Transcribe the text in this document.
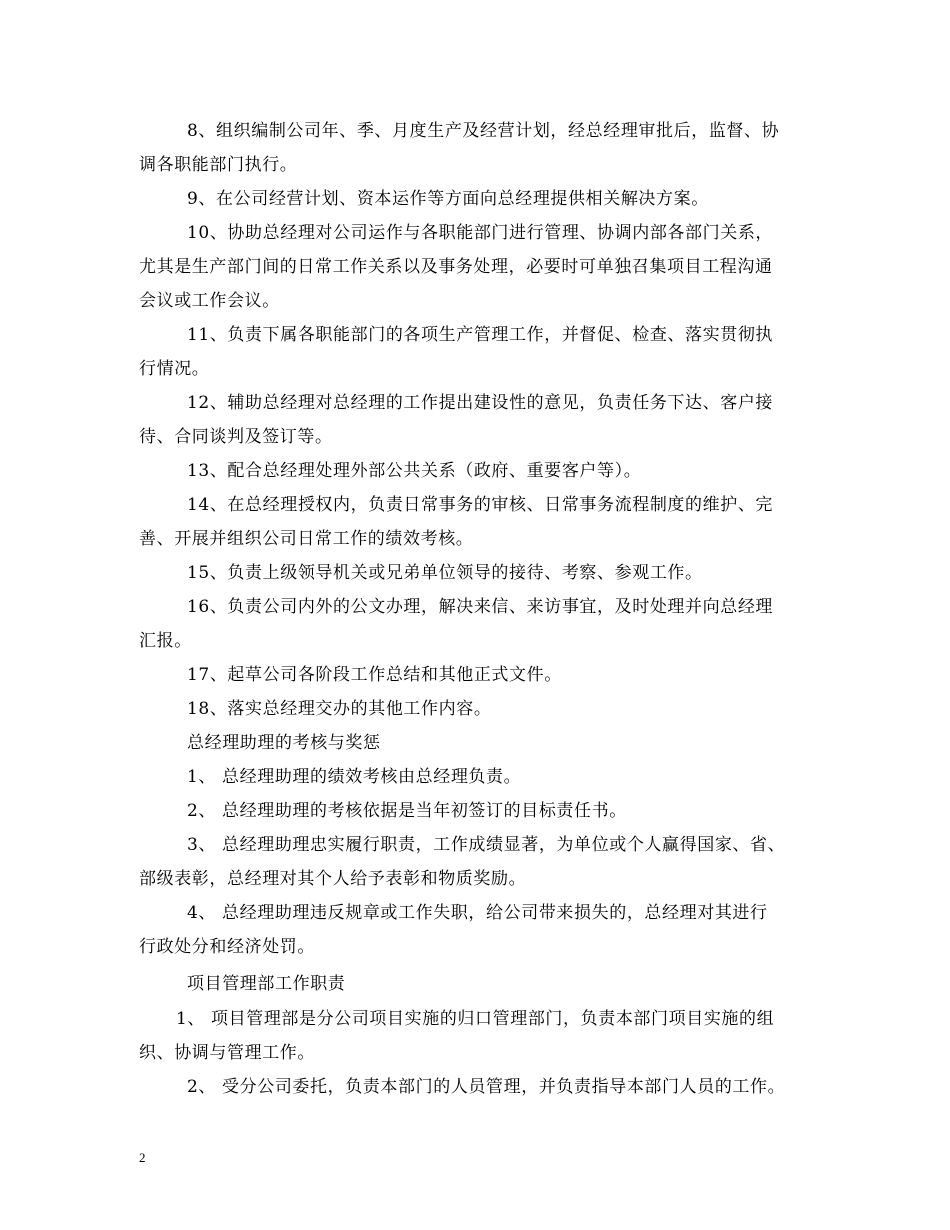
8、组织编制公司年、季、月度生产及经营计划，经总经理审批后，监督、协
调各职能部门执行。
9、在公司经营计划、资本运作等方面向总经理提供相关解决方案。
10、协助总经理对公司运作与各职能部门进行管理、协调内部各部门关系，
尤其是生产部门间的日常工作关系以及事务处理，必要时可单独召集项目工程沟通
会议或工作会议。
11、负责下属各职能部门的各项生产管理工作，并督促、检查、落实贯彻执
行情况。
12、辅助总经理对总经理的工作提出建设性的意见，负责任务下达、客户接
待、合同谈判及签订等。
13、配合总经理处理外部公共关系（政府、重要客户等）。
14、在总经理授权内，负责日常事务的审核、日常事务流程制度的维护、完
善、开展并组织公司日常工作的绩效考核。
15、负责上级领导机关或兄弟单位领导的接待、考察、参观工作。
16、负责公司内外的公文办理，解决来信、来访事宜，及时处理并向总经理
汇报。
17、起草公司各阶段工作总结和其他正式文件。
18、落实总经理交办的其他工作内容。
总经理助理的考核与奖惩
1、 总经理助理的绩效考核由总经理负责。
2、 总经理助理的考核依据是当年初签订的目标责任书。
3、 总经理助理忠实履行职责，工作成绩显著，为单位或个人赢得国家、省、
部级表彰，总经理对其个人给予表彰和物质奖励。
4、 总经理助理违反规章或工作失职，给公司带来损失的，总经理对其进行
行政处分和经济处罚。
项目管理部工作职责
1、 项目管理部是分公司项目实施的归口管理部门，负责本部门项目实施的组
织、协调与管理工作。
2、 受分公司委托，负责本部门的人员管理，并负责指导本部门人员的工作。
2
